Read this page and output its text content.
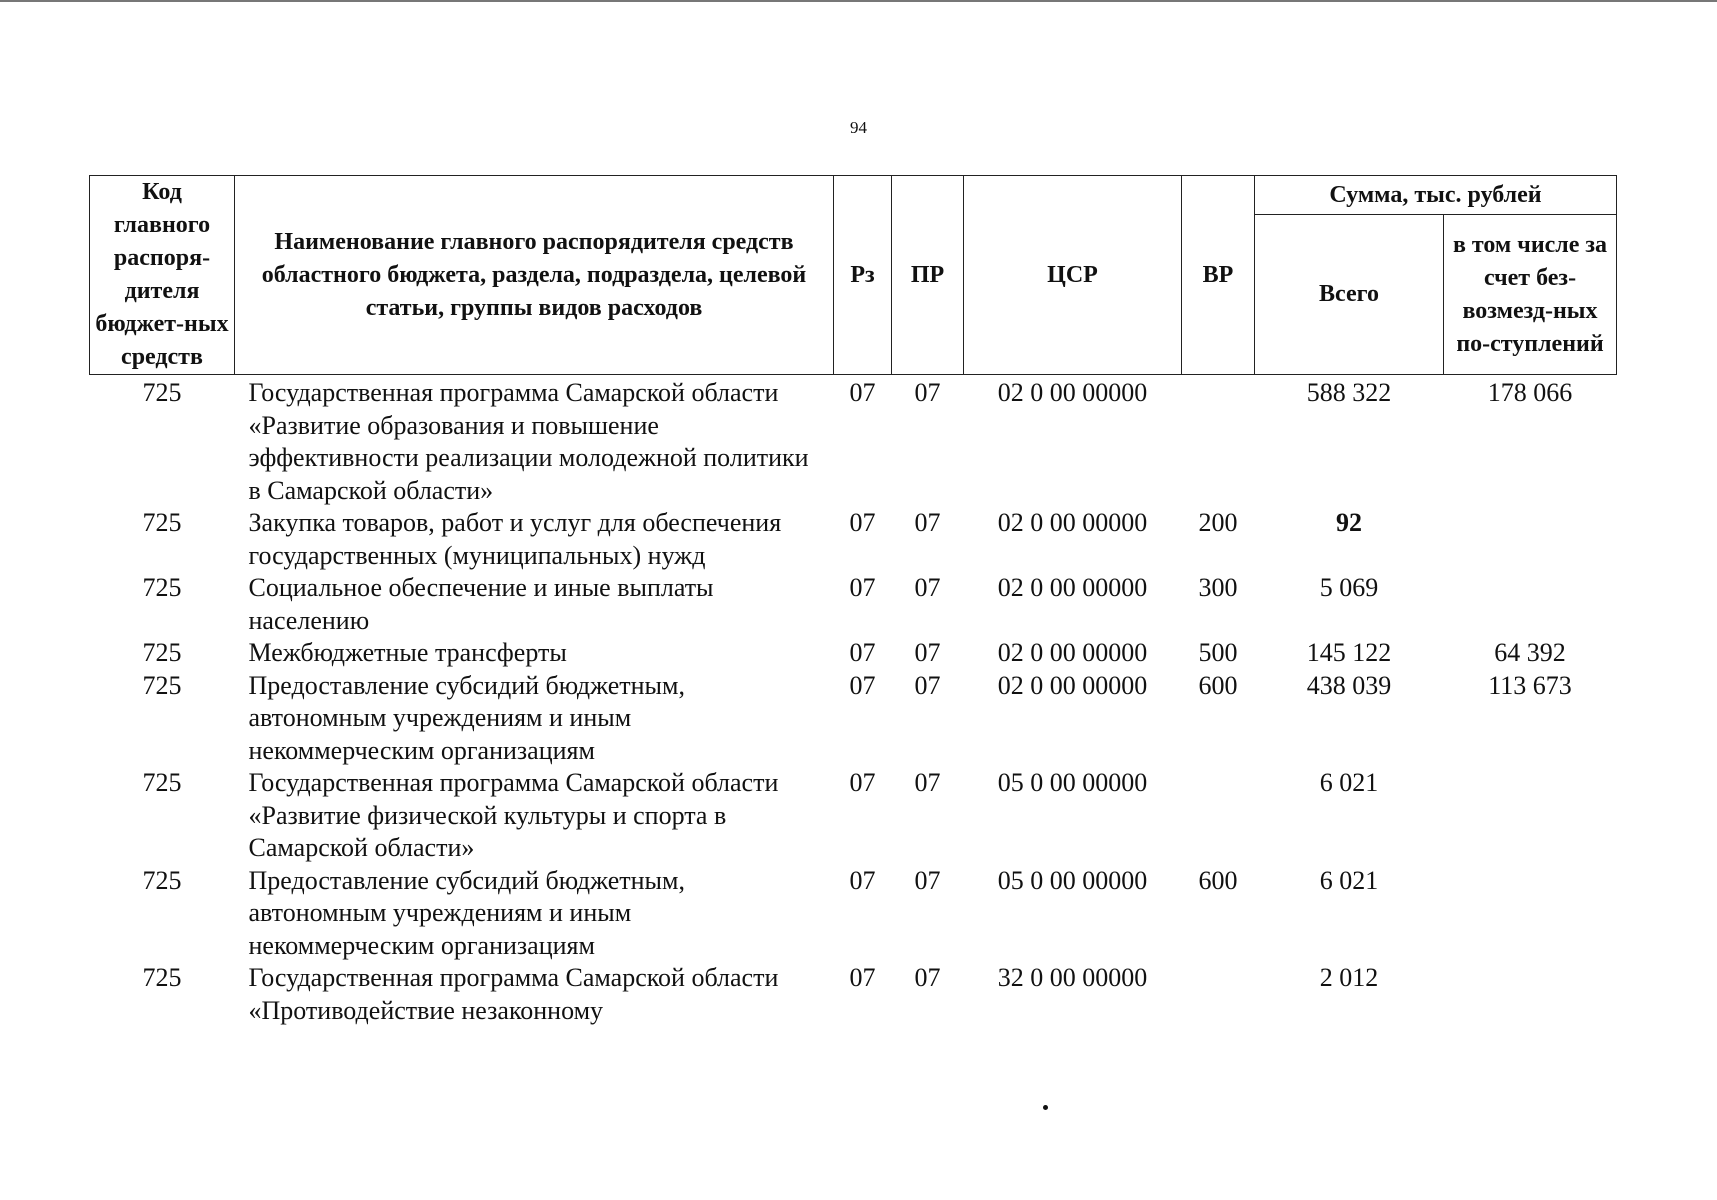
94
Код главного распоря-дителя бюджет-ных средств	Наименование главного распорядителя средств областного бюджета, раздела, подраздела, целевой статьи, группы видов расходов	Рз	ПР	ЦСР	ВР	Сумма, тыс. рублей	
						Всего	в том числе за счет без-возмезд-ных по-ступлений
725	Государственная программа Самарской области «Развитие образования и повышение эффективности реализации молодежной политики в Самарской области»	07	07	02 0 00 00000		588 322	178 066
725	Закупка товаров, работ и услуг для обеспечения государственных (муниципальных) нужд	07	07	02 0 00 00000	200	92	
725	Социальное обеспечение и иные выплаты населению	07	07	02 0 00 00000	300	5 069	
725	Межбюджетные трансферты	07	07	02 0 00 00000	500	145 122	64 392
725	Предоставление субсидий бюджетным, автономным учреждениям и иным некоммерческим организациям	07	07	02 0 00 00000	600	438 039	113 673
725	Государственная программа Самарской области «Развитие физической культуры и спорта в Самарской области»	07	07	05 0 00 00000		6 021	
725	Предоставление субсидий бюджетным, автономным учреждениям и иным некоммерческим организациям	07	07	05 0 00 00000	600	6 021	
725	Государственная программа Самарской области «Противодействие незаконному	07	07	32 0 00 00000		2 012	
